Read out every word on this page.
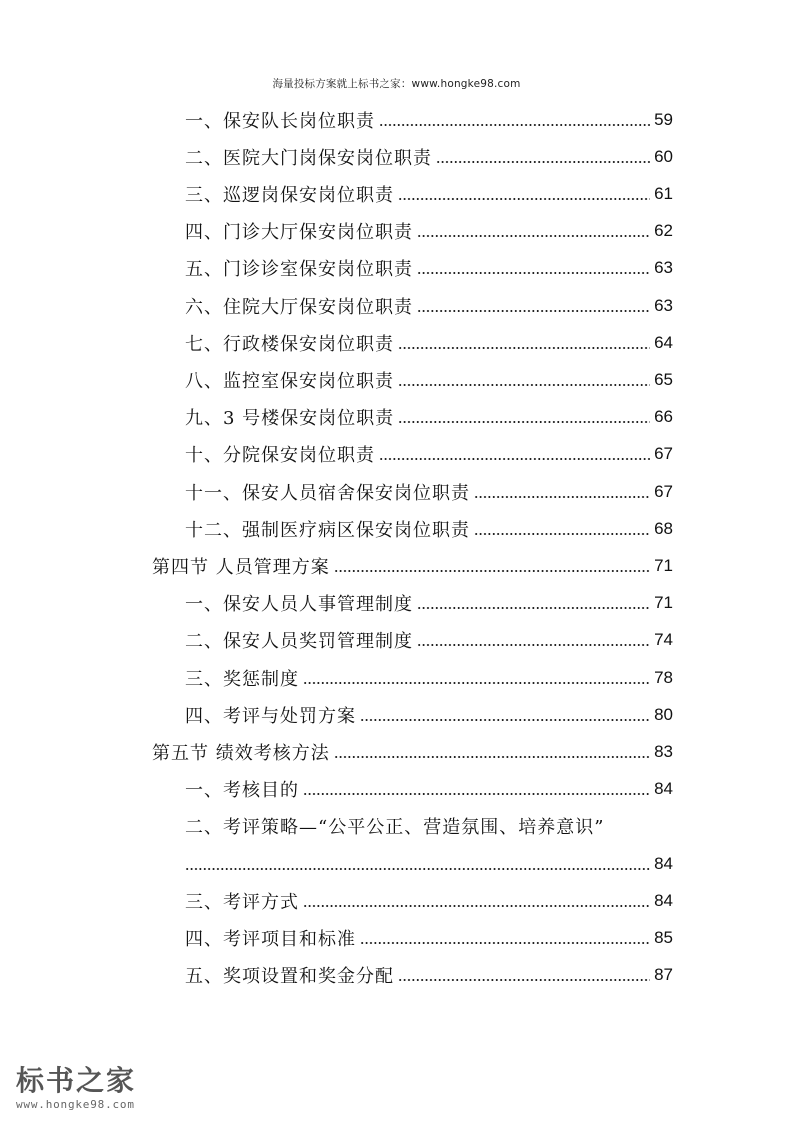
海量投标方案就上标书之家：www.hongke98.com
一、保安队长岗位职责	59
二、医院大门岗保安岗位职责	60
三、巡逻岗保安岗位职责	61
四、门诊大厅保安岗位职责	62
五、门诊诊室保安岗位职责	63
六、住院大厅保安岗位职责	63
七、行政楼保安岗位职责	64
八、监控室保安岗位职责	65
九、3 号楼保安岗位职责	66
十、分院保安岗位职责	67
十一、保安人员宿舍保安岗位职责	67
十二、强制医疗病区保安岗位职责	68
第四节 人员管理方案	71
一、保安人员人事管理制度	71
二、保安人员奖罚管理制度	74
三、奖惩制度	78
四、考评与处罚方案	80
第五节 绩效考核方法	83
一、考核目的	84
二、考评策略—“公平公正、营造氛围、培养意识”
84
三、考评方式	84
四、考评项目和标准	85
五、奖项设置和奖金分配	87
标书之家
www.hongke98.com
